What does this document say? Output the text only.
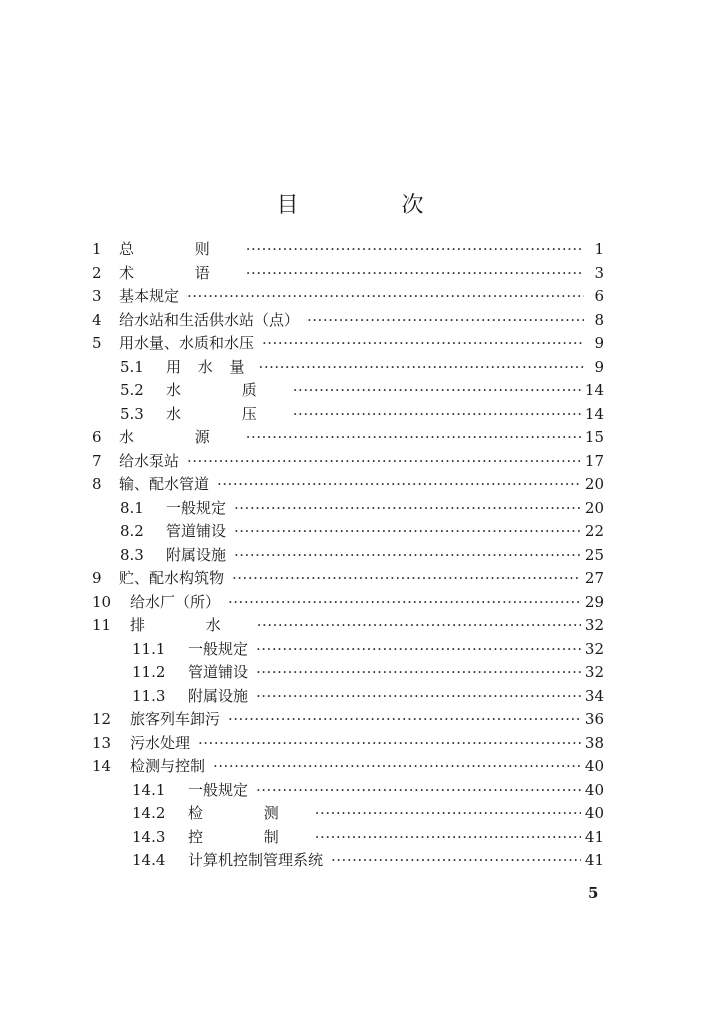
目 次
1	总 则 ·····	1
2	术 语 ·····	3
3	基本规定 ·····	6
4	给水站和生活供水站（点） ·····	8
5	用水量、水质和水压 ·····	9
5.1	用 水 量 ·····	9
5.2	水 质 ·····	14
5.3	水 压 ·····	14
6	水 源 ·····	15
7	给水泵站 ·····	17
8	输、配水管道 ·····	20
8.1	一般规定 ·····	20
8.2	管道铺设 ·····	22
8.3	附属设施 ·····	25
9	贮、配水构筑物 ·····	27
10	给水厂（所） ·····	29
11	排 水 ·····	32
11.1	一般规定 ·····	32
11.2	管道铺设 ·····	32
11.3	附属设施 ·····	34
12	旅客列车卸污 ·····	36
13	污水处理 ·····	38
14	检测与控制 ·····	40
14.1	一般规定 ·····	40
14.2	检 测 ·····	40
14.3	控 制 ·····	41
14.4	计算机控制管理系统 ·····	41
5
